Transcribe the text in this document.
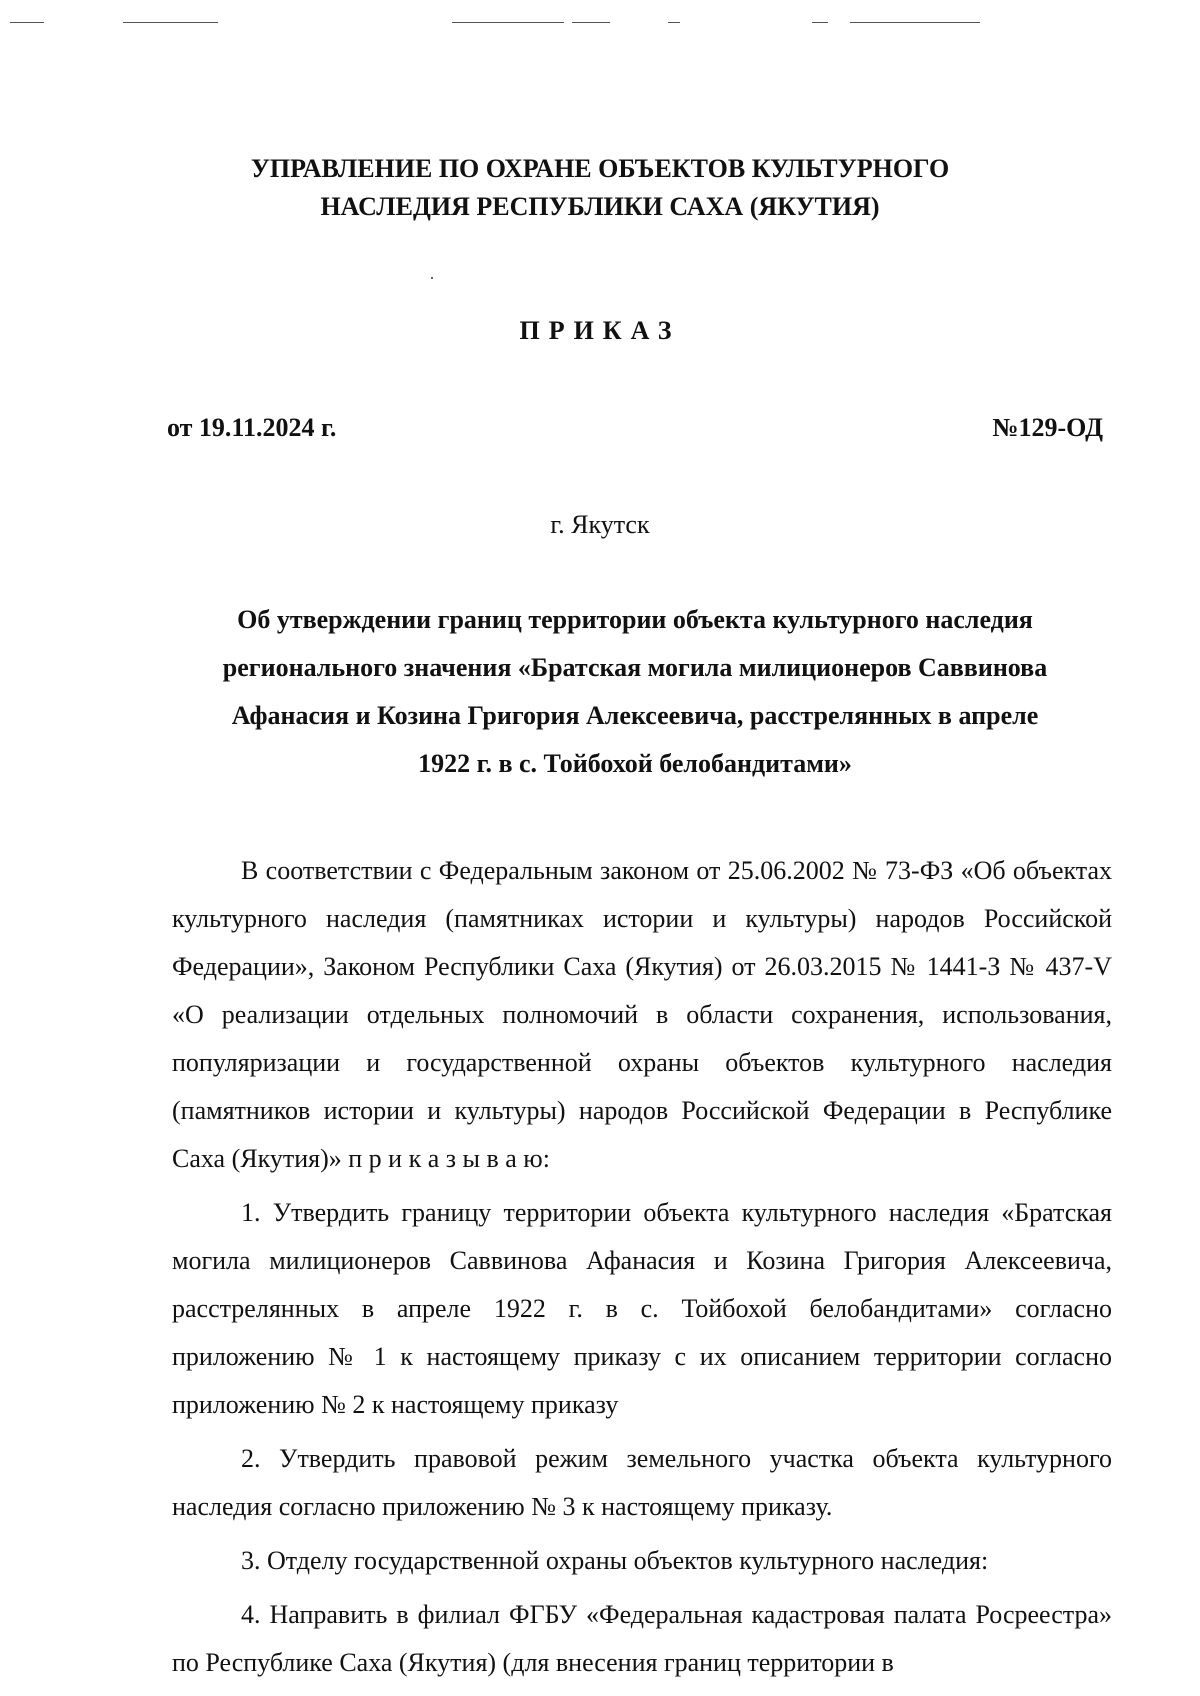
УПРАВЛЕНИЕ ПО ОХРАНЕ ОБЪЕКТОВ КУЛЬТУРНОГО
НАСЛЕДИЯ РЕСПУБЛИКИ САХА (ЯКУТИЯ)
ПРИКАЗ
от 19.11.2024 г.	№129-ОД
г. Якутск
Об утверждении границ территории объекта культурного наследия
регионального значения «Братская могила милиционеров Саввинова
Афанасия и Козина Григория Алексеевича, расстрелянных в апреле
1922 г. в с. Тойбохой белобандитами»

В соответствии с Федеральным законом от 25.06.2002 № 73-ФЗ «Об объектах культурного наследия (памятниках истории и культуры) народов Российской Федерации», Законом Республики Саха (Якутия) от 26.03.2015 № 1441-З № 437-V «О реализации отдельных полномочий в области сохранения, использования, популяризации и государственной охраны объектов культурного наследия (памятников истории и культуры) народов Российской Федерации в Республике Саха (Якутия)» п р и к а з ы в а ю:

1. Утвердить границу территории объекта культурного наследия «Братская могила милиционеров Саввинова Афанасия и Козина Григория Алексеевича, расстрелянных в апреле 1922 г. в с. Тойбохой белобандитами» согласно приложению № 1 к настоящему приказу с их описанием территории согласно приложению № 2 к настоящему приказу

2. Утвердить правовой режим земельного участка объекта культурного наследия согласно приложению № 3 к настоящему приказу.

3. Отделу государственной охраны объектов культурного наследия:

4. Направить в филиал ФГБУ «Федеральная кадастровая палата Росреестра» по Республике Саха (Якутия) (для внесения границ территории в
